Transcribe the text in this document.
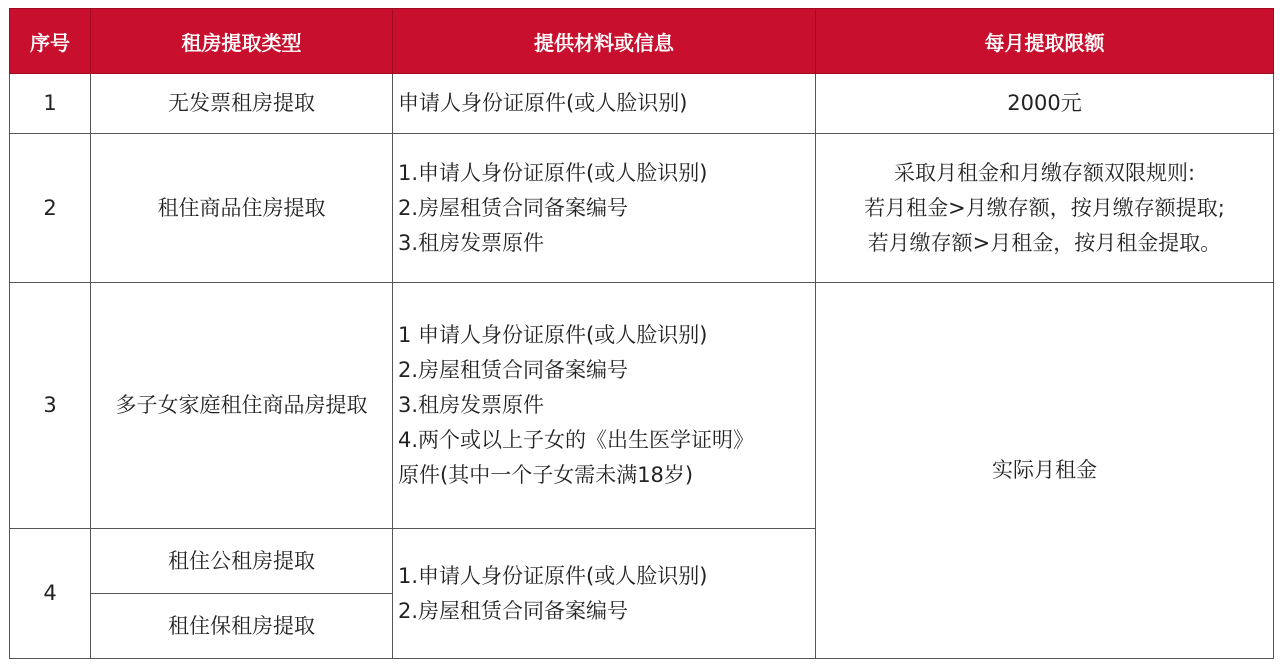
序号	租房提取类型	提供材料或信息	每月提取限额
1	无发票租房提取	申请人身份证原件(或人脸识别)	2000元

2	租住商品住房提取	1.申请人身份证原件(或人脸识别)
2.房屋租赁合同备案编号
3.租房发票原件	采取月租金和月缴存额双限规则:
若月租金>月缴存额，按月缴存额提取;
若月缴存额>月租金，按月租金提取。

3	多子女家庭租住商品房提取	1 申请人身份证原件(或人脸识别)
2.房屋租赁合同备案编号
3.租房发票原件
4.两个或以上子女的《出生医学证明》
原件(其中一个子女需未满18岁)	实际月租金

4	租住公租房提取	1.申请人身份证原件(或人脸识别)
2.房屋租赁合同备案编号	

	租住保租房提取		
